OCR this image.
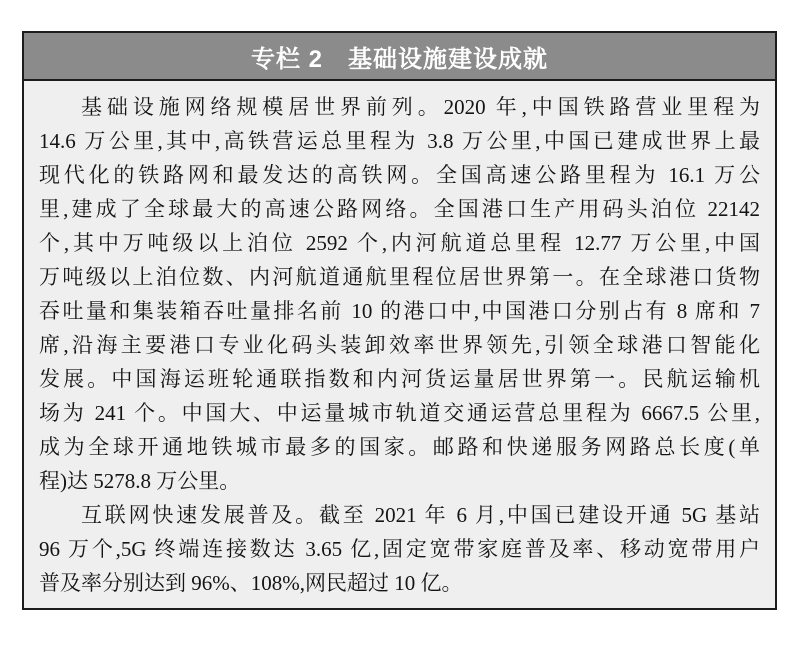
专栏 2　基础设施建设成就
基础设施网络规模居世界前列。2020 年,中国铁路营业里程为
14.6 万公里,其中,高铁营运总里程为 3.8 万公里,中国已建成世界上最
现代化的铁路网和最发达的高铁网。全国高速公路里程为 16.1 万公
里,建成了全球最大的高速公路网络。全国港口生产用码头泊位 22142
个,其中万吨级以上泊位 2592 个,内河航道总里程 12.77 万公里,中国
万吨级以上泊位数、内河航道通航里程位居世界第一。在全球港口货物
吞吐量和集装箱吞吐量排名前 10 的港口中,中国港口分别占有 8 席和 7
席,沿海主要港口专业化码头装卸效率世界领先,引领全球港口智能化
发展。中国海运班轮通联指数和内河货运量居世界第一。民航运输机
场为 241 个。中国大、中运量城市轨道交通运营总里程为 6667.5 公里,
成为全球开通地铁城市最多的国家。邮路和快递服务网路总长度(单
程)达 5278.8 万公里。
互联网快速发展普及。截至 2021 年 6 月,中国已建设开通 5G 基站
96 万个,5G 终端连接数达 3.65 亿,固定宽带家庭普及率、移动宽带用户
普及率分别达到 96%、108%,网民超过 10 亿。
